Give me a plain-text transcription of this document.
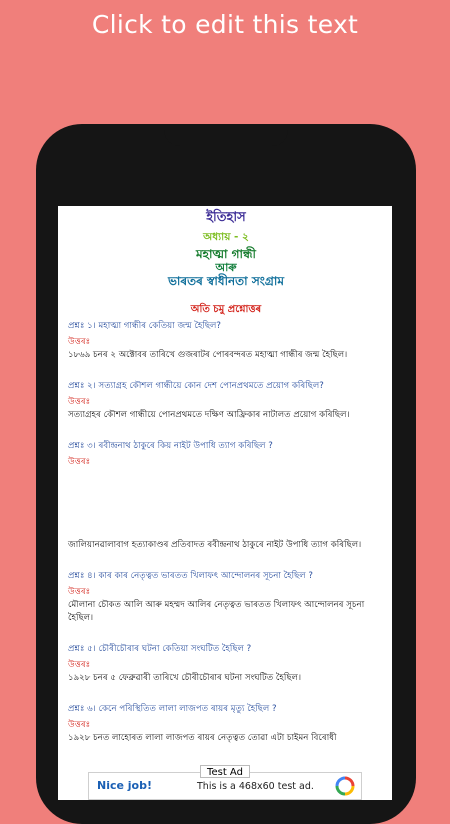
Click to edit this text
ইতিহাস
অধ্যায় - ২
মহাত্মা গান্ধী
আৰু
ভাৰতৰ স্বাধীনতা সংগ্ৰাম
অতি চমু প্ৰশ্নোত্তৰ
প্ৰশ্নঃ ১। মহাত্মা গান্ধীৰ কেতিয়া জন্ম হৈছিল?
উত্তৰঃ
১৮৬৯ চনৰ ২ অক্টোবৰ তাৰিখে গুজৰাটৰ পোৰবন্দৰত মহাত্মা গান্ধীৰ জন্ম হৈছিল।
প্ৰশ্নঃ ২। সত্যাগ্ৰহ কৌশল গান্ধীয়ে কোন দেশ পোনপ্ৰথমতে প্ৰয়োগ কৰিছিল?
উত্তৰঃ
সত্যাগ্ৰহৰ কৌশল গান্ধীয়ে পোনপ্ৰথমতে দক্ষিণ আফ্ৰিকাৰ নাটালত প্ৰয়োগ কৰিছিল।
প্ৰশ্নঃ ৩। ৰবীন্দ্ৰনাথ ঠাকুৰে কিয় নাইট উপাধি ত্যাগ কৰিছিল ?
উত্তৰঃ
জালিয়ানৱালাবাগ হত্যাকাণ্ডৰ প্ৰতিবাদত ৰবীন্দ্ৰনাথ ঠাকুৰে নাইট উপাধি ত্যাগ কৰিছিল।
প্ৰশ্নঃ ৪। কাৰ কাৰ নেতৃত্বত ভাৰতত খিলাফৎ আন্দোলনৰ সূচনা হৈছিল ?
উত্তৰঃ
মৌলানা চৌকত আলি আৰু মহম্মদ আলিৰ নেতৃত্বত ভাৰতত খিলাফৎ আন্দোলনৰ সূচনা হৈছিল।
প্ৰশ্নঃ ৫। চৌৰীচৌৰাৰ ঘটনা কেতিয়া সংঘটিত হৈছিল ?
উত্তৰঃ
১৯২৮ চনৰ ৫ ফেব্ৰুৱাৰী তাৰিখে চৌৰীচৌৰাৰ ঘটনা সংঘটিত হৈছিল।
প্ৰশ্নঃ ৬। কেনে পৰিস্থিতিত লালা লাজপত ৰায়ৰ মৃত্যু হৈছিল ?
উত্তৰঃ
১৯২৮ চনত লাহোৰত লালা লাজপত ৰায়ৰ নেতৃত্বত তোৱা এটা চাইমন বিৰোধী
Nice job!	This is a 468x60 test ad.
Test Ad
